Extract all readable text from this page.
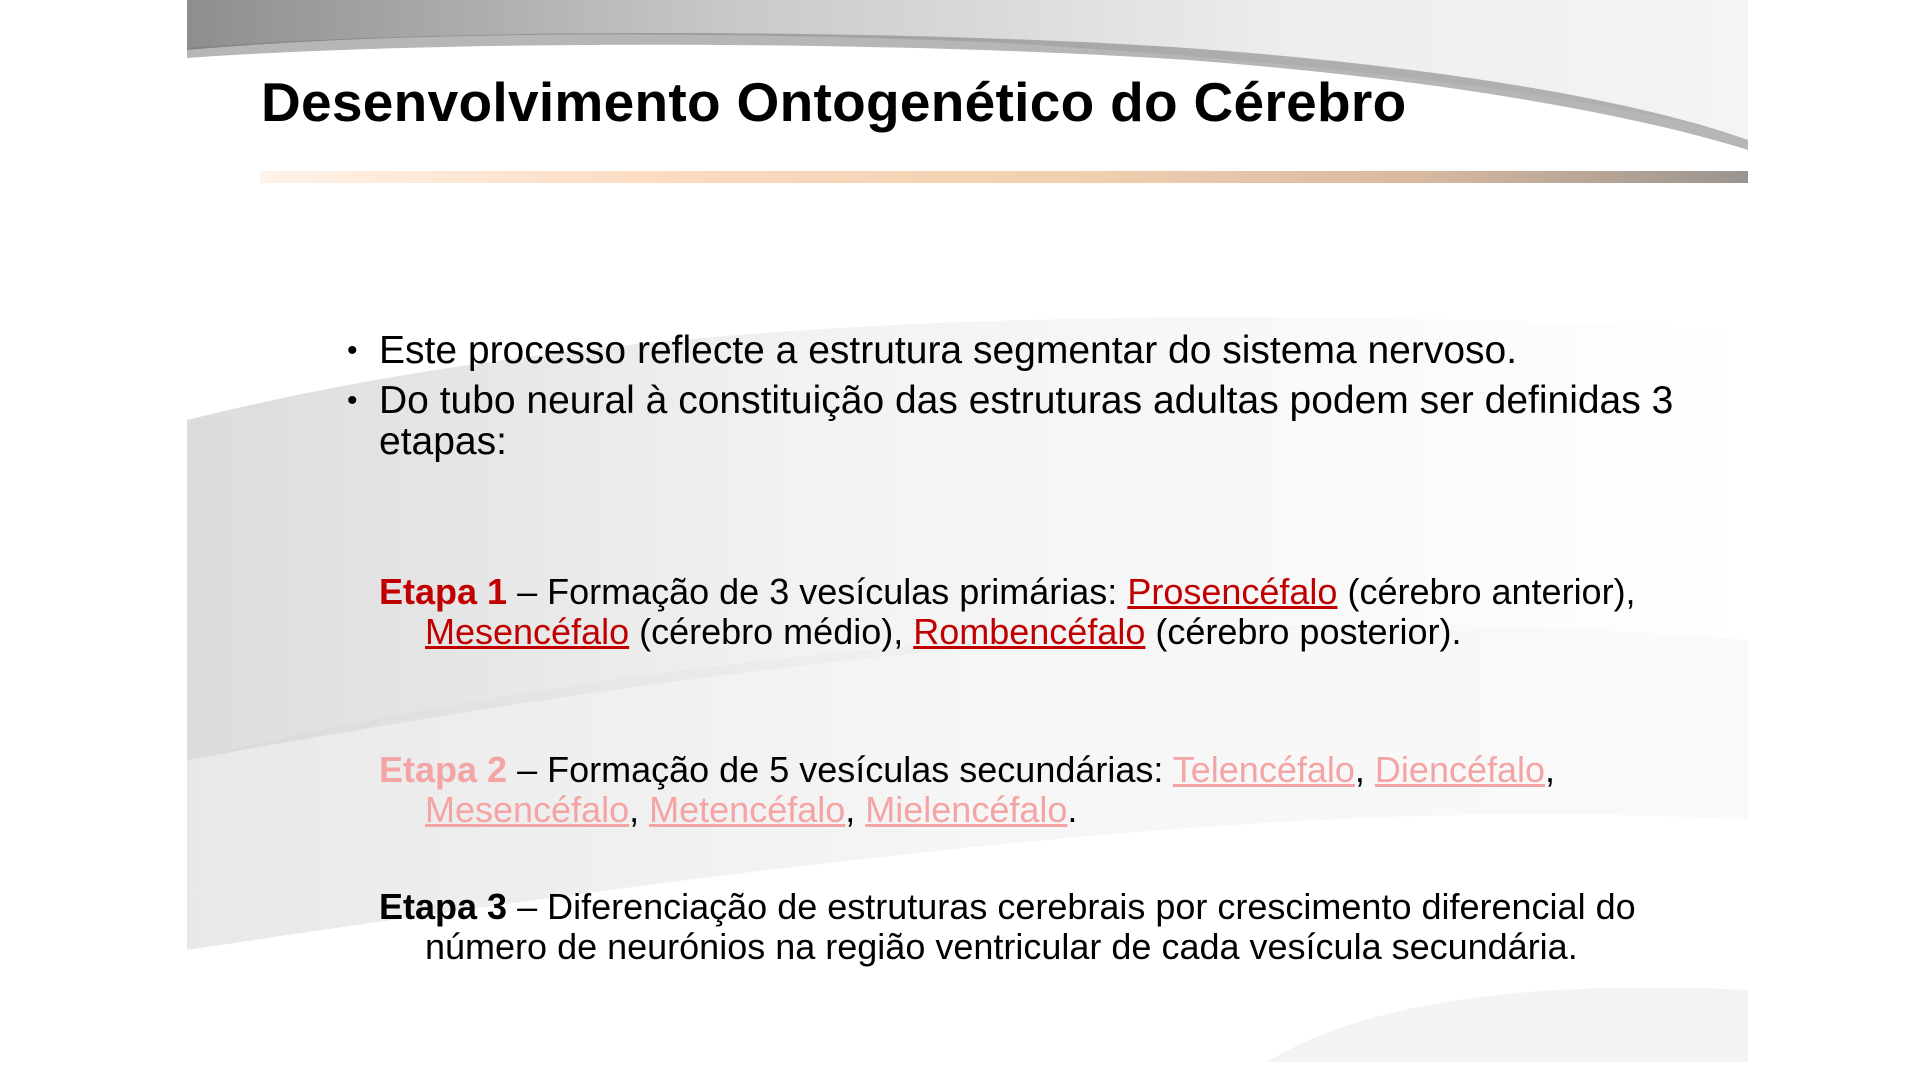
Desenvolvimento Ontogenético do Cérebro
• Este processo reflecte a estrutura segmentar do sistema nervoso.
• Do tubo neural à constituição das estruturas adultas podem ser definidas 3 etapas:

Etapa 1 – Formação de 3 vesículas primárias: Prosencéfalo (cérebro anterior), Mesencéfalo (cérebro médio), Rombencéfalo (cérebro posterior).

Etapa 2 – Formação de 5 vesículas secundárias: Telencéfalo, Diencéfalo, Mesencéfalo, Metencéfalo, Mielencéfalo.

Etapa 3 – Diferenciação de estruturas cerebrais por crescimento diferencial do número de neurónios na região ventricular de cada vesícula secundária.
